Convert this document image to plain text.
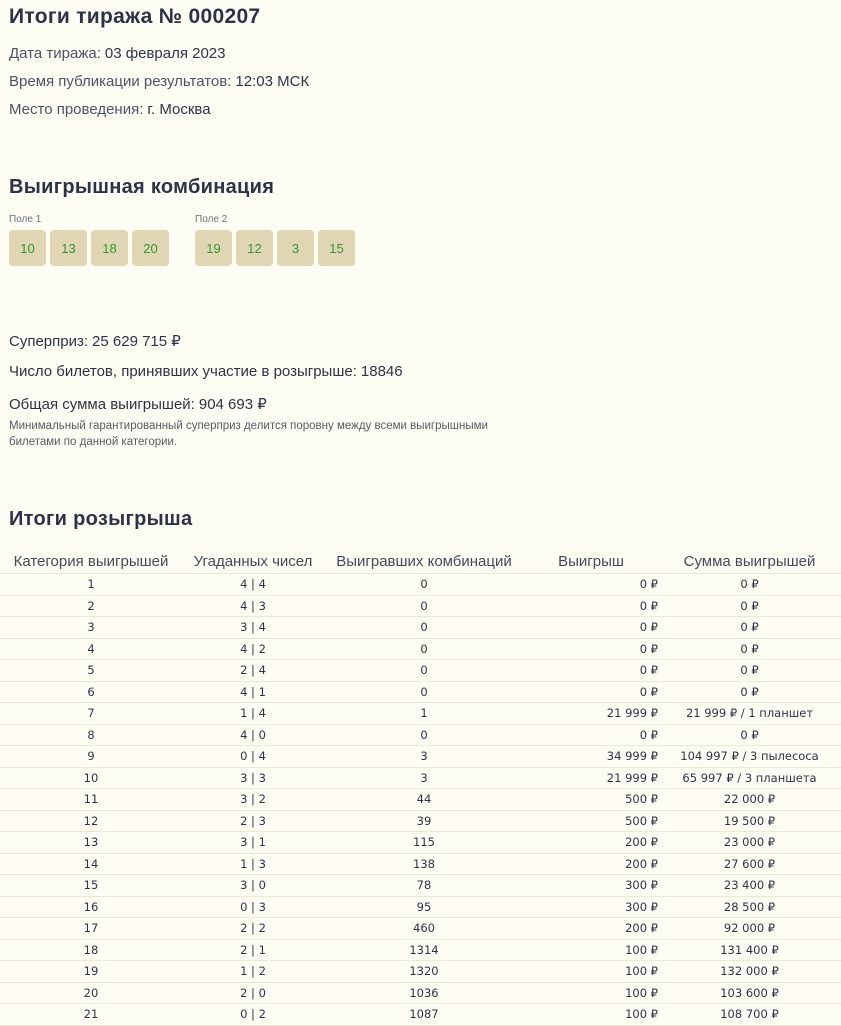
Итоги тиража № 000207
Дата тиража: 03 февраля 2023
Время публикации результатов: 12:03 МСК
Место проведения: г. Москва
Выигрышная комбинация
Поле 1
10	13	18	20
Поле 2
19	12	3	15
Суперприз: 25 629 715 ₽
Число билетов, принявших участие в розыгрыше: 18846
Общая сумма выигрышей: 904 693 ₽
Минимальный гарантированный суперприз делится поровну между всеми выигрышными билетами по данной категории.
Итоги розыгрыша
Категория выигрышей	Угаданных чисел	Выигравших комбинаций	Выигрыш	Сумма выигрышей
1	4 | 4	0	0 ₽	0 ₽
2	4 | 3	0	0 ₽	0 ₽
3	3 | 4	0	0 ₽	0 ₽
4	4 | 2	0	0 ₽	0 ₽
5	2 | 4	0	0 ₽	0 ₽
6	4 | 1	0	0 ₽	0 ₽
7	1 | 4	1	21 999 ₽	21 999 ₽ / 1 планшет
8	4 | 0	0	0 ₽	0 ₽
9	0 | 4	3	34 999 ₽	104 997 ₽ / 3 пылесоса
10	3 | 3	3	21 999 ₽	65 997 ₽ / 3 планшета
11	3 | 2	44	500 ₽	22 000 ₽
12	2 | 3	39	500 ₽	19 500 ₽
13	3 | 1	115	200 ₽	23 000 ₽
14	1 | 3	138	200 ₽	27 600 ₽
15	3 | 0	78	300 ₽	23 400 ₽
16	0 | 3	95	300 ₽	28 500 ₽
17	2 | 2	460	200 ₽	92 000 ₽
18	2 | 1	1314	100 ₽	131 400 ₽
19	1 | 2	1320	100 ₽	132 000 ₽
20	2 | 0	1036	100 ₽	103 600 ₽
21	0 | 2	1087	100 ₽	108 700 ₽
